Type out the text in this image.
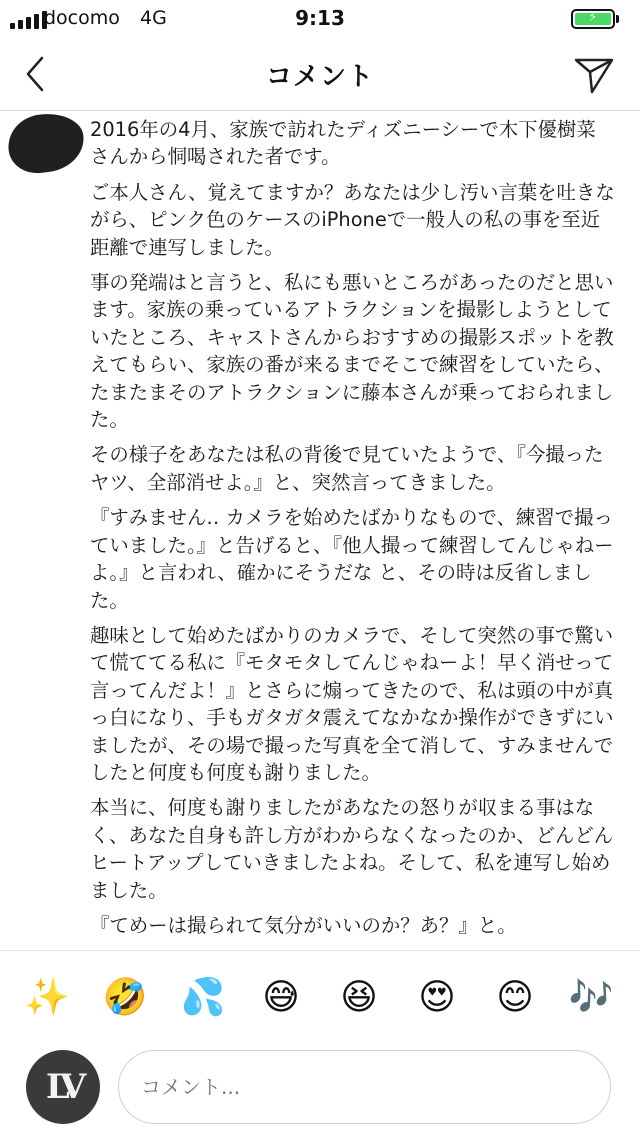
docomo 4G	9:13	⚡
コメント

2016年の4月、家族で訪れたディズニーシーで木下優樹菜さんから恫喝された者です。

ご本人さん、覚えてますか？あなたは少し汚い言葉を吐きながら、ピンク色のケースのiPhoneで一般人の私の事を至近距離で連写しました。

事の発端はと言うと、私にも悪いところがあったのだと思います。家族の乗っているアトラクションを撮影しようとしていたところ、キャストさんからおすすめの撮影スポットを教えてもらい、家族の番が来るまでそこで練習をしていたら、たまたまそのアトラクションに藤本さんが乗っておられました。

その様子をあなたは私の背後で見ていたようで、『今撮ったヤツ、全部消せよ。』と、突然言ってきました。

『すみません‥ カメラを始めたばかりなもので、練習で撮っていました。』と告げると、『他人撮って練習してんじゃねーよ。』と言われ、確かにそうだな と、その時は反省しました。

趣味として始めたばかりのカメラで、そして突然の事で驚いて慌ててる私に『モタモタしてんじゃねーよ！早く消せって言ってんだよ！』とさらに煽ってきたので、私は頭の中が真っ白になり、手もガタガタ震えてなかなか操作ができずにいましたが、その場で撮った写真を全て消して、すみませんでしたと何度も何度も謝りました。

本当に、何度も謝りましたがあなたの怒りが収まる事はなく、あなた自身も許し方がわからなくなったのか、どんどんヒートアップしていきましたよね。そして、私を連写し始めました。

『てめーは撮られて気分がいいのか？あ？』と。

✨ 🤣 💦 😅 😆 😍 😊 🎶
LV
コメント...
